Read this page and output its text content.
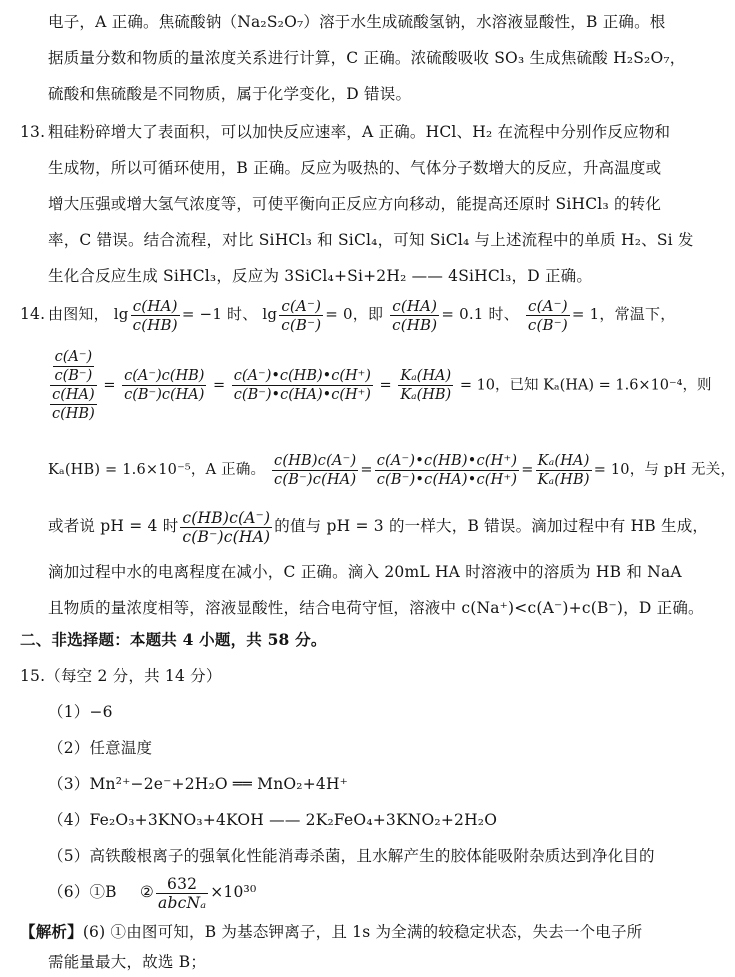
电子，A 正确。焦硫酸钠（Na₂S₂O₇）溶于水生成硫酸氢钠，水溶液显酸性，B 正确。根
据质量分数和物质的量浓度关系进行计算，C 正确。浓硫酸吸收 SO₃ 生成焦硫酸 H₂S₂O₇，
硫酸和焦硫酸是不同物质，属于化学变化，D 错误。
13. 粗硅粉碎增大了表面积，可以加快反应速率，A 正确。HCl、H₂ 在流程中分别作反应物和
生成物，所以可循环使用，B 正确。反应为吸热的、气体分子数增大的反应，升高温度或
增大压强或增大氢气浓度等，可使平衡向正反应方向移动，能提高还原时 SiHCl₃ 的转化
率，C 错误。结合流程，对比 SiHCl₃ 和 SiCl₄，可知 SiCl₄ 与上述流程中的单质 H₂、Si 发
生化合反应生成 SiHCl₃，反应为 3SiCl₄+Si+2H₂ —— 4SiHCl₃，D 正确。
14. 由图知， $\lg \frac{c(HA)}{c(HB)} = -1$ 时、 $\lg \frac{c(A^-)}{c(B^-)} = 0$，即 $\frac{c(HA)}{c(HB)} = 0.1$ 时、 $\frac{c(A^-)}{c(B^-)} = 1$，常温下，
$\frac{\frac{c(A^-)}{c(B^-)}}{\frac{c(HA)}{c(HB)}} = \frac{c(A^-)c(HB)}{c(B^-)c(HA)} = \frac{c(A^-)•c(HB)•c(H^+)}{c(B^-)•c(HA)•c(H^+)} = \frac{\text{Kₐ(HA)}}{\text{Kₐ(HB)}} = 10$，已知 Kₐ(HA) = 1.6×10⁻⁴，则
Kₐ(HB) = 1.6×10⁻⁵，A 正确。 $\frac{c(HB)c(A^-)}{c(B^-)c(HA)} = \frac{c(A^-)•c(HB)•c(H^+)}{c(B^-)•c(HA)•c(H^+)} = \frac{\text{Kₐ(HA)}}{\text{Kₐ(HB)}} = 10$，与 pH 无关，
或者说 pH = 4 时 $\frac{c(HB)c(A^-)}{c(B^-)c(HA)}$ 的值与 pH = 3 的一样大，B 错误。滴加过程中有 HB 生成，
滴加过程中水的电离程度在减小，C 正确。滴入 20mL HA 时溶液中的溶质为 HB 和 NaA
且物质的量浓度相等，溶液显酸性，结合电荷守恒，溶液中 c(Na⁺)<c(A⁻)+c(B⁻)，D 正确。
二、非选择题：本题共 4 小题，共 58 分。
15.（每空 2 分，共 14 分）
（1）−6
（2）任意温度
（3）Mn²⁺−2e⁻+2H₂O ══ MnO₂+4H⁺
（4）Fe₂O₃+3KNO₃+4KOH —— 2K₂FeO₄+3KNO₂+2H₂O
（5）高铁酸根离子的强氧化性能消毒杀菌，且水解产生的胶体能吸附杂质达到净化目的
（6）①B ② $\frac{632}{\text{abcNₐ}} \times 10^{30}$
【解析】(6) ①由图可知，B 为基态钾离子，且 1s 为全满的较稳定状态，失去一个电子所
需能量最大，故选 B；
